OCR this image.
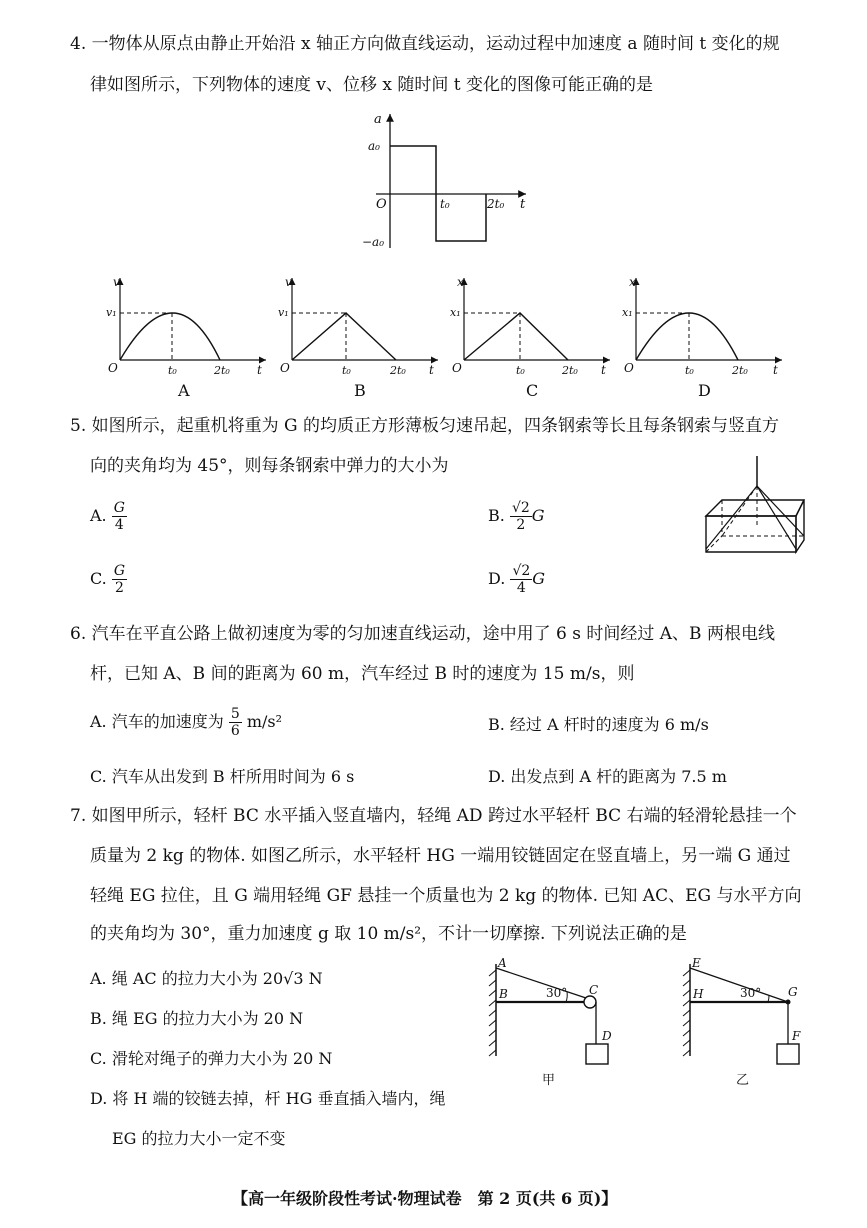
4. 一物体从原点由静止开始沿 x 轴正方向做直线运动，运动过程中加速度 a 随时间 t 变化的规
律如图所示，下列物体的速度 v、位移 x 随时间 t 变化的图像可能正确的是
a
a₀
−a₀
O	t₀	2t₀ t
v
v₁
O	t₀	2t₀ t
A
v
v₁
O	t₀	2t₀ t
B
x
x₁
O	t₀	2t₀ t
C
x
x₁
O	t₀	2t₀ t
D
5. 如图所示，起重机将重为 G 的均质正方形薄板匀速吊起，四条钢索等长且每条钢索与竖直方
向的夹角均为 45°，则每条钢索中弹力的大小为
A. $\frac{G}{4}$	B. $\frac{√2}{2}$ G
C. $\frac{G}{2}$	D. $\frac{√2}{4}$ G
6. 汽车在平直公路上做初速度为零的匀加速直线运动，途中用了 6 s 时间经过 A、B 两根电线
杆，已知 A、B 间的距离为 60 m，汽车经过 B 时的速度为 15 m/s，则
A. 汽车的加速度为 $\frac{5}{6} m/s^2$	B. 经过 A 杆时的速度为 6 m/s
C. 汽车从出发到 B 杆所用时间为 6 s	D. 出发点到 A 杆的距离为 7.5 m
7. 如图甲所示，轻杆 BC 水平插入竖直墙内，轻绳 AD 跨过水平轻杆 BC 右端的轻滑轮悬挂一个
质量为 2 kg 的物体. 如图乙所示，水平轻杆 HG 一端用铰链固定在竖直墙上，另一端 G 通过
轻绳 EG 拉住，且 G 端用轻绳 GF 悬挂一个质量也为 2 kg 的物体. 已知 AC、EG 与水平方向
的夹角均为 30°，重力加速度 g 取 10 m/s²，不计一切摩擦. 下列说法正确的是
A. 绳 AC 的拉力大小为 20√3 N
B. 绳 EG 的拉力大小为 20 N
C. 滑轮对绳子的弹力大小为 20 N
D. 将 H 端的铰链去掉，杆 HG 垂直插入墙内，绳
EG 的拉力大小一定不变
A
B	C
D
30°
甲
E
H	G
F
30°
乙
【高一年级阶段性考试·物理试卷　第 2 页(共 6 页)】
